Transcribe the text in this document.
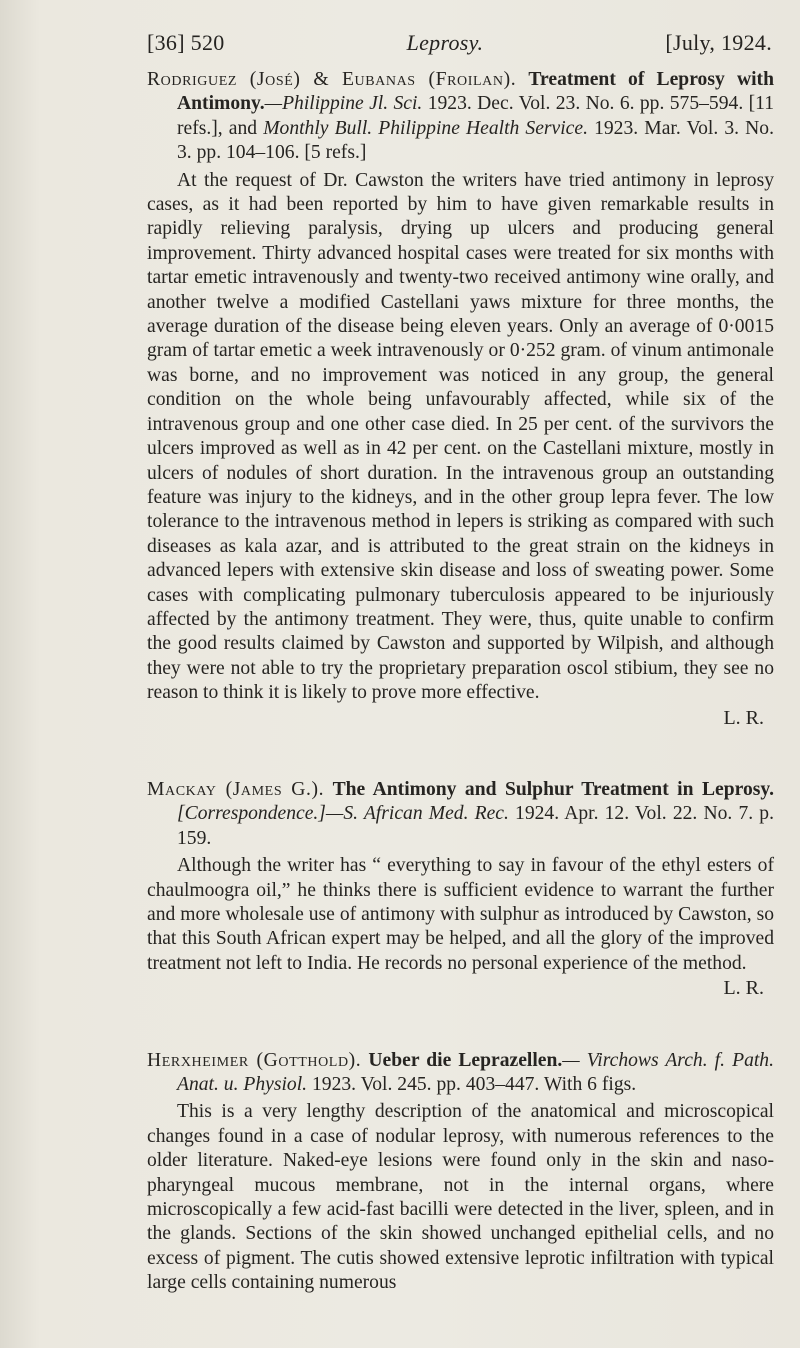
[36] 520	Leprosy.	[July, 1924.

Rodriguez (José) & Eubanas (Froilan). Treatment of Leprosy with Antimony.—Philippine Jl. Sci. 1923. Dec. Vol. 23. No. 6. pp. 575–594. [11 refs.], and Monthly Bull. Philippine Health Service. 1923. Mar. Vol. 3. No. 3. pp. 104–106. [5 refs.]

At the request of Dr. Cawston the writers have tried antimony in leprosy cases, as it had been reported by him to have given remarkable results in rapidly relieving paralysis, drying up ulcers and producing general improvement. Thirty advanced hospital cases were treated for six months with tartar emetic intravenously and twenty-two received antimony wine orally, and another twelve a modified Castellani yaws mixture for three months, the average duration of the disease being eleven years. Only an average of 0·0015 gram of tartar emetic a week intravenously or 0·252 gram. of vinum antimonale was borne, and no improvement was noticed in any group, the general condition on the whole being unfavourably affected, while six of the intravenous group and one other case died. In 25 per cent. of the survivors the ulcers improved as well as in 42 per cent. on the Castellani mixture, mostly in ulcers of nodules of short duration. In the intravenous group an outstanding feature was injury to the kidneys, and in the other group lepra fever. The low tolerance to the intravenous method in lepers is striking as compared with such diseases as kala azar, and is attributed to the great strain on the kidneys in advanced lepers with extensive skin disease and loss of sweating power. Some cases with complicating pulmonary tuberculosis appeared to be injuriously affected by the antimony treatment. They were, thus, quite unable to confirm the good results claimed by Cawston and supported by Wilpish, and although they were not able to try the proprietary preparation oscol stibium, they see no reason to think it is likely to prove more effective.

L. R.

Mackay (James G.). The Antimony and Sulphur Treatment in Leprosy. [Correspondence.]—S. African Med. Rec. 1924. Apr. 12. Vol. 22. No. 7. p. 159.

Although the writer has “ everything to say in favour of the ethyl esters of chaulmoogra oil,” he thinks there is sufficient evidence to warrant the further and more wholesale use of antimony with sulphur as introduced by Cawston, so that this South African expert may be helped, and all the glory of the improved treatment not left to India. He records no personal experience of the method.

L. R.

Herxheimer (Gotthold). Ueber die Leprazellen.— Virchows Arch. f. Path. Anat. u. Physiol. 1923. Vol. 245. pp. 403–447. With 6 figs.

This is a very lengthy description of the anatomical and microscopical changes found in a case of nodular leprosy, with numerous references to the older literature. Naked-eye lesions were found only in the skin and naso-pharyngeal mucous membrane, not in the internal organs, where microscopically a few acid-fast bacilli were detected in the liver, spleen, and in the glands. Sections of the skin showed unchanged epithelial cells, and no excess of pigment. The cutis showed extensive leprotic infiltration with typical large cells containing numerous
